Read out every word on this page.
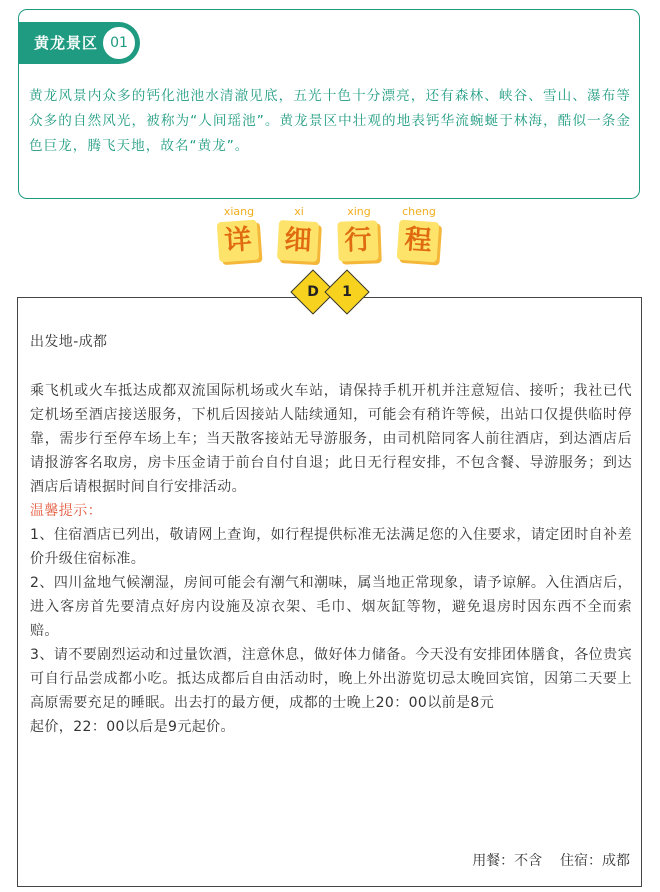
黄龙景区 01

黄龙风景内众多的钙化池池水清澈见底，五光十色十分漂亮，还有森林、峡谷、雪山、瀑布等众多的自然风光，被称为“人间瑶池”。黄龙景区中壮观的地表钙华流蜿蜒于林海，酷似一条金色巨龙，腾飞天地，故名“黄龙”。

xiang
详
xi
细
xing
行
cheng
程
D	1

出发地-成都

乘飞机或火车抵达成都双流国际机场或火车站，请保持手机开机并注意短信、接听；我社已代定机场至酒店接送服务，下机后因接站人陆续通知，可能会有稍许等候，出站口仅提供临时停靠，需步行至停车场上车；当天散客接站无导游服务，由司机陪同客人前往酒店，到达酒店后请报游客名取房，房卡压金请于前台自付自退；此日无行程安排，不包含餐、导游服务；到达酒店后请根据时间自行安排活动。

温馨提示：

1、住宿酒店已列出，敬请网上查询，如行程提供标准无法满足您的入住要求，请定团时自补差价升级住宿标准。

2、四川盆地气候潮湿，房间可能会有潮气和潮味，属当地正常现象，请予谅解。入住酒店后，进入客房首先要清点好房内设施及凉衣架、毛巾、烟灰缸等物，避免退房时因东西不全而索赔。

3、请不要剧烈运动和过量饮酒，注意休息，做好体力储备。今天没有安排团体膳食，各位贵宾可自行品尝成都小吃。抵达成都后自由活动时，晚上外出游览切忌太晚回宾馆，因第二天要上高原需要充足的睡眠。出去打的最方便，成都的士晚上20：00以前是8元

起价，22：00以后是9元起价。

用餐：不含 住宿：成都
